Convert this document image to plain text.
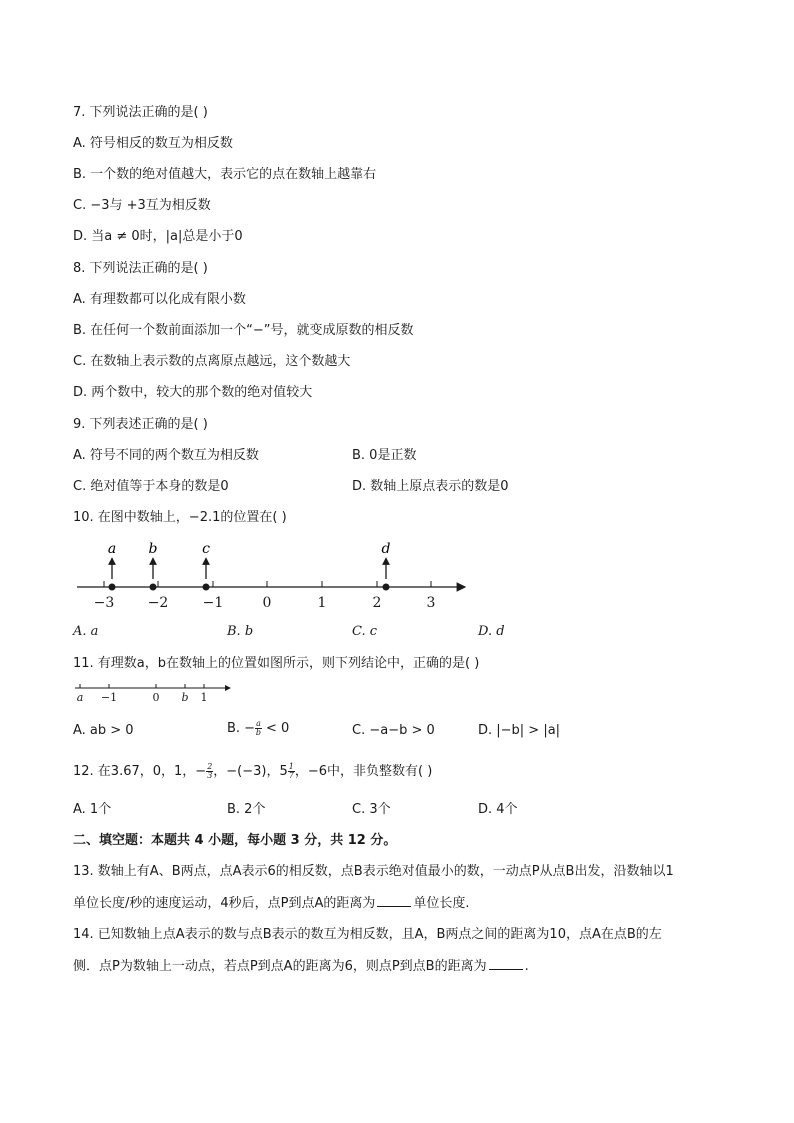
7. 下列说法正确的是( )
A. 符号相反的数互为相反数
B. 一个数的绝对值越大，表示它的点在数轴上越靠右
C. −3与 +3互为相反数
D. 当a ≠ 0时，|a|总是小于0
8. 下列说法正确的是( )
A. 有理数都可以化成有限小数
B. 在任何一个数前面添加一个“−”号，就变成原数的相反数
C. 在数轴上表示数的点离原点越远，这个数越大
D. 两个数中，较大的那个数的绝对值较大
9. 下列表述正确的是( )
A. 符号不同的两个数互为相反数	B. 0是正数
C. 绝对值等于本身的数是0	D. 数轴上原点表示的数是0
10. 在图中数轴上，−2.1的位置在( )
−3 −2 −1	0	1	2	3
a b	c	d
A. a	B. b	C. c	D. d
11. 有理数a，b在数轴上的位置如图所示，则下列结论中，正确的是( )
a −1	0 b 1
A. ab > 0	B. − $\frac{a}{b} < 0$	C. −a−b > 0	D. |−b| > |a|
12. 在3.67，0，1，− $\frac{2}{3}$ ，−(−3)，$5 \frac{1}{7}$ ，−6中，非负整数有( )
A. 1个	B. 2个	C. 3个	D. 4个
二、填空题：本题共 4 小题，每小题 3 分，共 12 分。
13. 数轴上有A、B两点，点A表示6的相反数，点B表示绝对值最小的数，一动点P从点B出发，沿数轴以1
单位长度/秒的速度运动，4秒后，点P到点A的距离为	单位长度.
14. 已知数轴上点A表示的数与点B表示的数互为相反数，且A，B两点之间的距离为10，点A在点B的左
侧．点P为数轴上一动点，若点P到点A的距离为6，则点P到点B的距离为	.
